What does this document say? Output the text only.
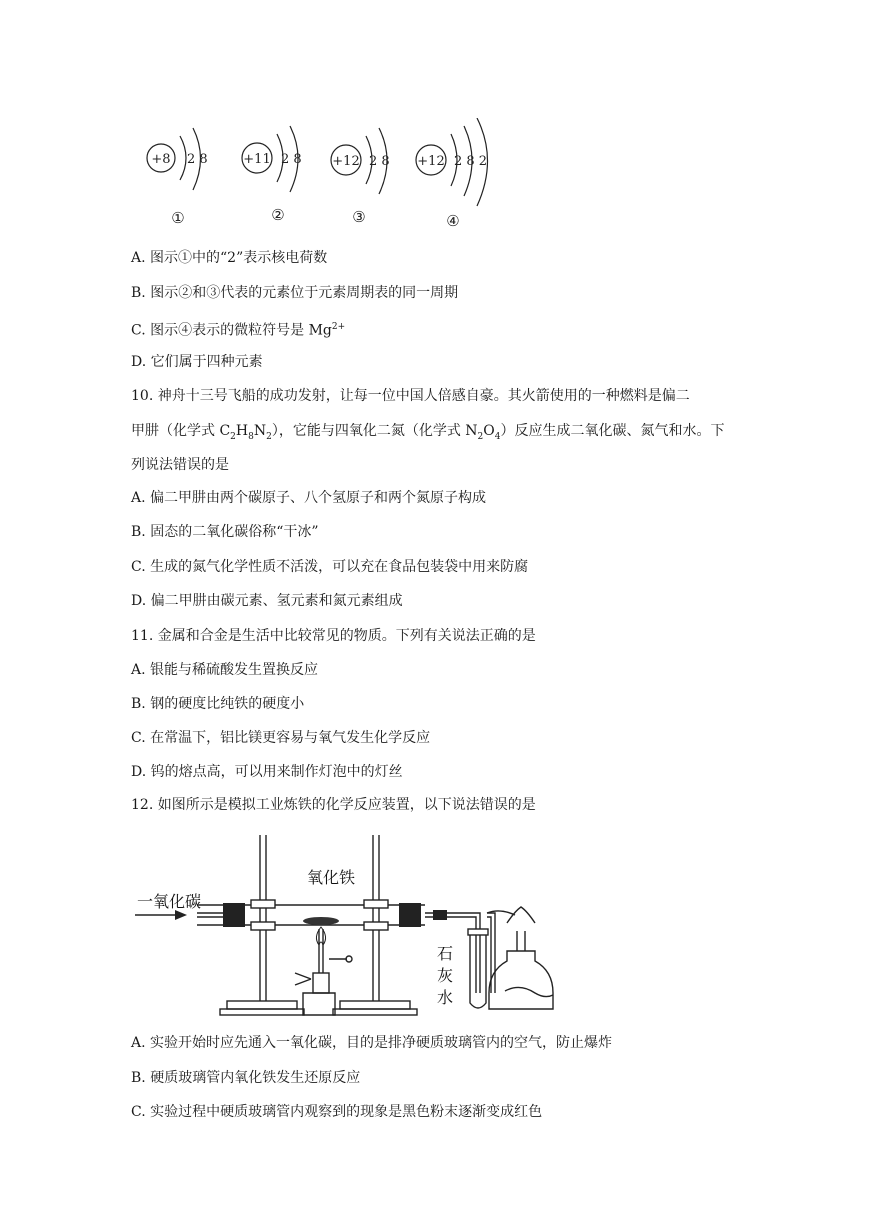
+8 2 8
①
+11 2 8
②
+12 2 8
③
+12 2 8 2
④
A. 图示①中的“2”表示核电荷数
B. 图示②和③代表的元素位于元素周期表的同一周期
C. 图示④表示的微粒符号是 $Mg^{2+}$
D. 它们属于四种元素
10. 神舟十三号飞船的成功发射，让每一位中国人倍感自豪。其火箭使用的一种燃料是偏二
甲肼（化学式 $C_2H_8N_2$），它能与四氧化二氮（化学式 $N_2O_4$）反应生成二氧化碳、氮气和水。下
列说法错误的是
A. 偏二甲肼由两个碳原子、八个氢原子和两个氮原子构成
B. 固态的二氧化碳俗称“干冰”
C. 生成的氮气化学性质不活泼，可以充在食品包装袋中用来防腐
D. 偏二甲肼由碳元素、氢元素和氮元素组成
11. 金属和合金是生活中比较常见的物质。下列有关说法正确的是
A. 银能与稀硫酸发生置换反应
B. 钢的硬度比纯铁的硬度小
C. 在常温下，铝比镁更容易与氧气发生化学反应
D. 钨的熔点高，可以用来制作灯泡中的灯丝
12. 如图所示是模拟工业炼铁的化学反应装置，以下说法错误的是
一氧化碳
氧化铁
石
灰
水
A. 实验开始时应先通入一氧化碳，目的是排净硬质玻璃管内的空气，防止爆炸
B. 硬质玻璃管内氧化铁发生还原反应
C. 实验过程中硬质玻璃管内观察到的现象是黑色粉末逐渐变成红色
